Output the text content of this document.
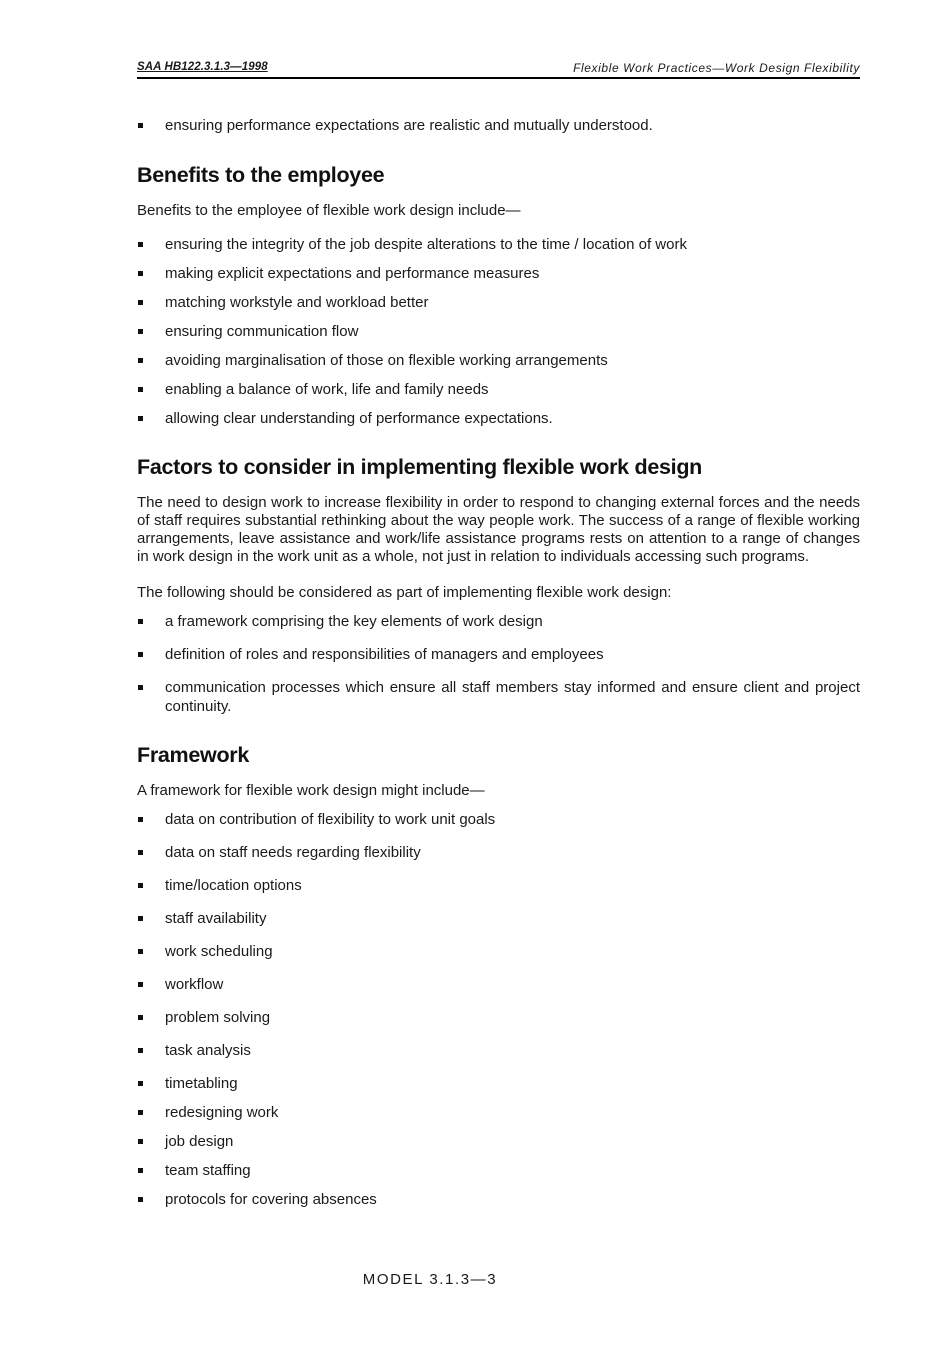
SAA HB122.3.1.3—1998	Flexible Work Practices—Work Design Flexibility
ensuring performance expectations are realistic and mutually understood.
Benefits to the employee

Benefits to the employee of flexible work design include—

ensuring the integrity of the job despite alterations to the time / location of work
making explicit expectations and performance measures
matching workstyle and workload better
ensuring communication flow
avoiding marginalisation of those on flexible working arrangements
enabling a balance of work, life and family needs
allowing clear understanding of performance expectations.
Factors to consider in implementing flexible work design

The need to design work to increase flexibility in order to respond to changing external forces and the needs of staff requires substantial rethinking about the way people work. The success of a range of flexible working arrangements, leave assistance and work/life assistance programs rests on attention to a range of changes in work design in the work unit as a whole, not just in relation to individuals accessing such programs.

The following should be considered as part of implementing flexible work design:

a framework comprising the key elements of work design
definition of roles and responsibilities of managers and employees
communication processes which ensure all staff members stay informed and ensure client and project continuity.
Framework

A framework for flexible work design might include—

data on contribution of flexibility to work unit goals
data on staff needs regarding flexibility
time/location options
staff availability
work scheduling
workflow
problem solving
task analysis
timetabling
redesigning work
job design
team staffing
protocols for covering absences
MODEL 3.1.3—3
